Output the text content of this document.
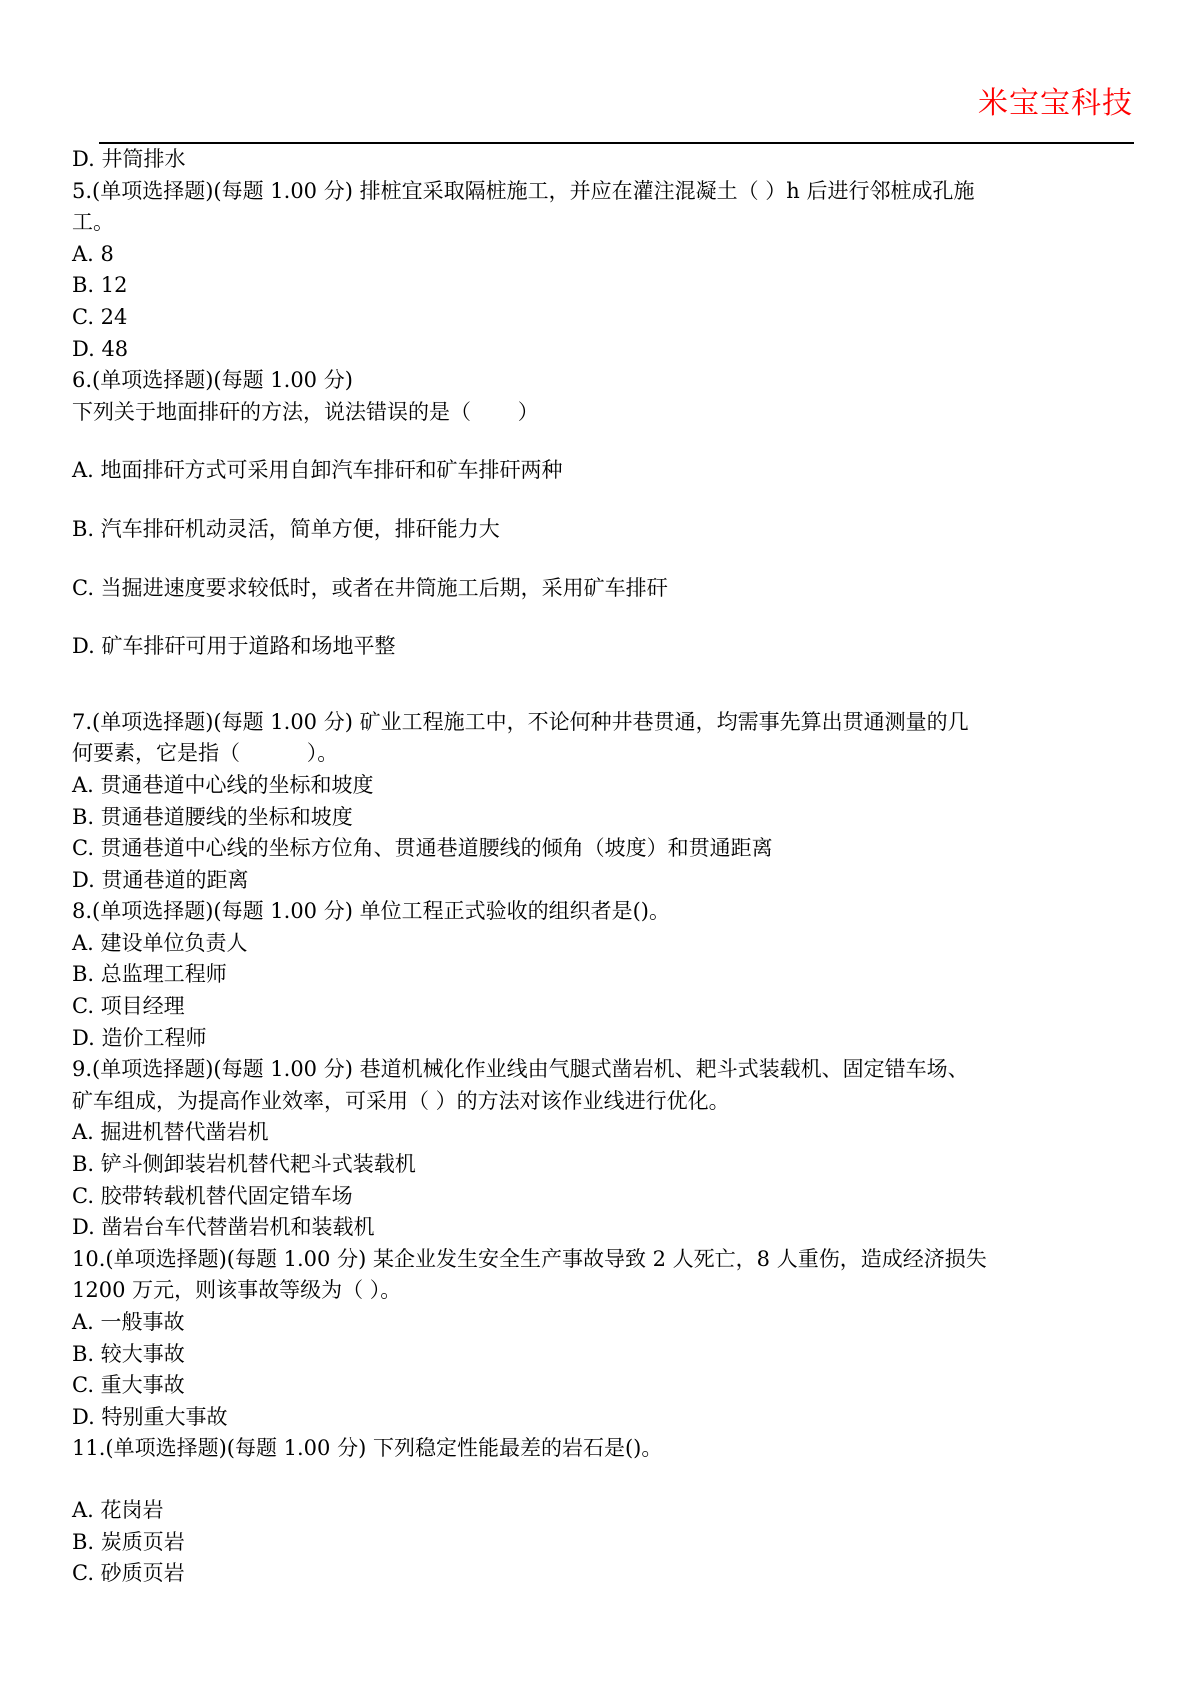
米宝宝科技
D. 井筒排水
5.(单项选择题)(每题 1.00 分) 排桩宜采取隔桩施工，并应在灌注混凝土（ ）h 后进行邻桩成孔施
工。
A. 8
B. 12
C. 24
D. 48
6.(单项选择题)(每题 1.00 分)
下列关于地面排矸的方法，说法错误的是（       ）
A. 地面排矸方式可采用自卸汽车排矸和矿车排矸两种
B. 汽车排矸机动灵活，简单方便，排矸能力大
C. 当掘进速度要求较低时，或者在井筒施工后期，采用矿车排矸
D. 矿车排矸可用于道路和场地平整
7.(单项选择题)(每题 1.00 分) 矿业工程施工中，不论何种井巷贯通，均需事先算出贯通测量的几
何要素，它是指（          ）。
A. 贯通巷道中心线的坐标和坡度
B. 贯通巷道腰线的坐标和坡度
C. 贯通巷道中心线的坐标方位角、贯通巷道腰线的倾角（坡度）和贯通距离
D. 贯通巷道的距离
8.(单项选择题)(每题 1.00 分) 单位工程正式验收的组织者是()。
A. 建设单位负责人
B. 总监理工程师
C. 项目经理
D. 造价工程师
9.(单项选择题)(每题 1.00 分) 巷道机械化作业线由气腿式凿岩机、耙斗式装载机、固定错车场、
矿车组成，为提高作业效率，可采用（ ）的方法对该作业线进行优化。
A. 掘进机替代凿岩机
B. 铲斗侧卸装岩机替代耙斗式装载机
C. 胶带转载机替代固定错车场
D. 凿岩台车代替凿岩机和装载机
10.(单项选择题)(每题 1.00 分) 某企业发生安全生产事故导致 2 人死亡，8 人重伤，造成经济损失
1200 万元，则该事故等级为（ ）。
A. 一般事故
B. 较大事故
C. 重大事故
D. 特别重大事故
11.(单项选择题)(每题 1.00 分) 下列稳定性能最差的岩石是()。
A. 花岗岩
B. 炭质页岩
C. 砂质页岩
